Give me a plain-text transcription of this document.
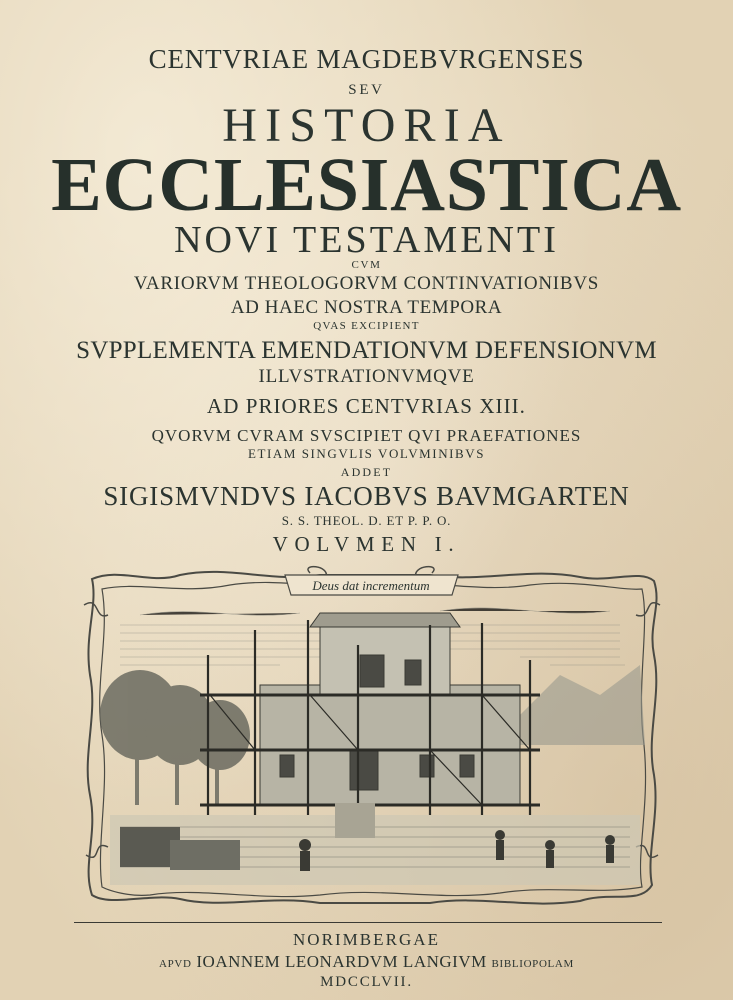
CENTVRIAE MAGDEBVRGENSES
SEV
HISTORIA
ECCLESIASTICA
NOVI TESTAMENTI
CVM
VARIORVM THEOLOGORVM CONTINVATIONIBVS
AD HAEC NOSTRA TEMPORA
QVAS EXCIPIENT
SVPPLEMENTA EMENDATIONVM DEFENSIONVM
ILLVSTRATIONVMQVE
AD PRIORES CENTVRIAS XIII.
QVORVM CVRAM SVSCIPIET QVI PRAEFATIONES
ETIAM SINGVLIS VOLVMINIBVS
ADDET
SIGISMVNDVS IACOBVS BAVMGARTEN
S. S. THEOL. D. ET P. P. O.
VOLVMEN I.
Deus dat incrementum
NORIMBERGAE
APVD IOANNEM LEONARDVM LANGIVM BIBLIOPOLAM
MDCCLVII.
